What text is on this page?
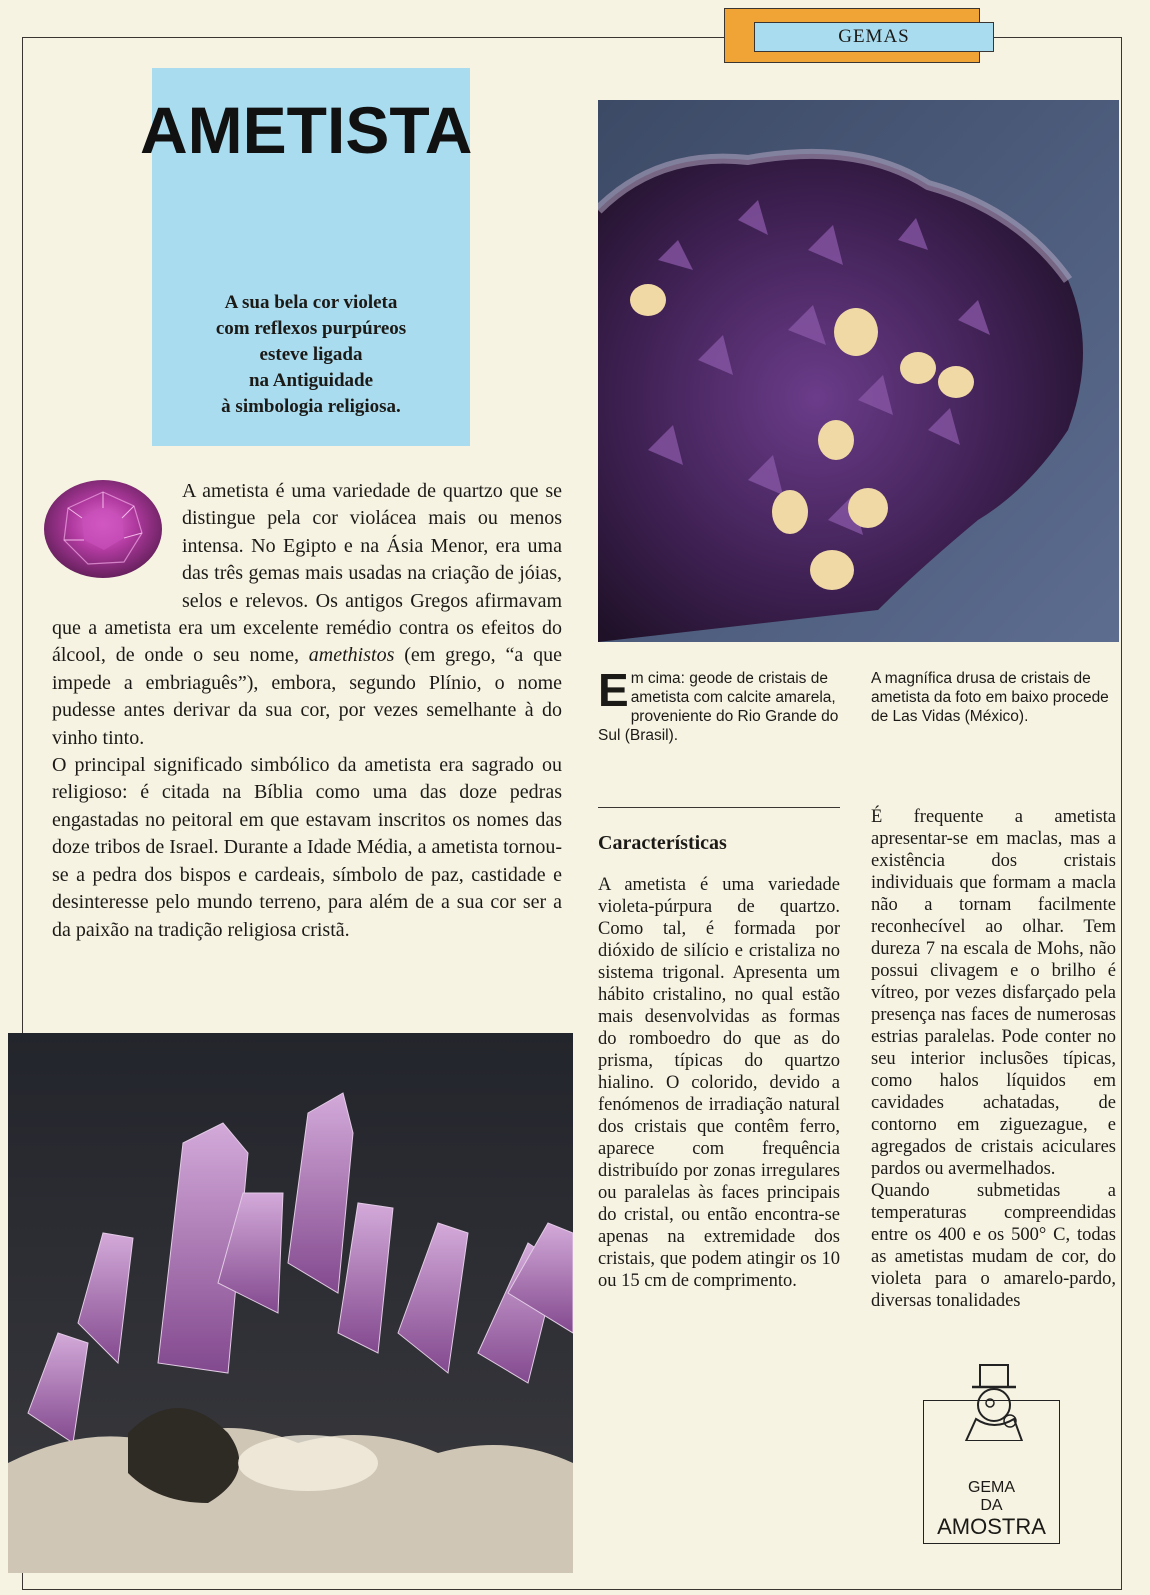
GEMAS
AMETISTA
A sua bela cor violeta
com reflexos purpúreos
esteve ligada
na Antiguidade
à simbologia religiosa.
A ametista é uma variedade de quartzo que se distingue pela cor violácea mais ou menos intensa. No Egipto e na Ásia Menor, era uma das três gemas mais usadas na criação de jóias, selos e relevos. Os antigos Gregos afirmavam que a ametista era um excelente remédio contra os efeitos do álcool, de onde o seu nome, amethistos (em grego, “a que impede a embriaguês”), embora, segundo Plínio, o nome pudesse antes derivar da sua cor, por vezes semelhante à do vinho tinto.
O principal significado simbólico da ametista era sagrado ou religioso: é citada na Bíblia como uma das doze pedras engastadas no peitoral em que estavam inscritos os nomes das doze tribos de Israel. Durante a Idade Média, a ametista tornou-se a pedra dos bispos e cardeais, símbolo de paz, castidade e desinteresse pelo mundo terreno, para além de a sua cor ser a da paixão na tradição religiosa cristã.
Em cima: geode de cristais de ametista com calcite amarela, proveniente do Rio Grande do Sul (Brasil).
A magnífica drusa de cristais de ametista da foto em baixo procede de Las Vidas (México).
Características
A ametista é uma variedade violeta-púrpura de quartzo. Como tal, é formada por dióxido de silício e cristaliza no sistema trigonal. Apresenta um hábito cristalino, no qual estão mais desenvolvidas as formas do romboedro do que as do prisma, típicas do quartzo hialino. O colorido, devido a fenómenos de irradiação natural dos cristais que contêm ferro, aparece com frequência distribuído por zonas irregulares ou paralelas às faces principais do cristal, ou então encontra-se apenas na extremidade dos cristais, que podem atingir os 10 ou 15 cm de comprimento.
É frequente a ametista apresentar-se em maclas, mas a existência dos cristais individuais que formam a macla não a tornam facilmente reconhecível ao olhar. Tem dureza 7 na escala de Mohs, não possui clivagem e o brilho é vítreo, por vezes disfarçado pela presença nas faces de numerosas estrias paralelas. Pode conter no seu interior inclusões típicas, como halos líquidos em cavidades achatadas, de contorno em ziguezague, e agregados de cristais aciculares pardos ou avermelhados.
Quando submetidas a temperaturas compreendidas entre os 400 e os 500° C, todas as ametistas mudam de cor, do violeta para o amarelo-pardo, diversas tonalidades
GEMA
DA
AMOSTRA
